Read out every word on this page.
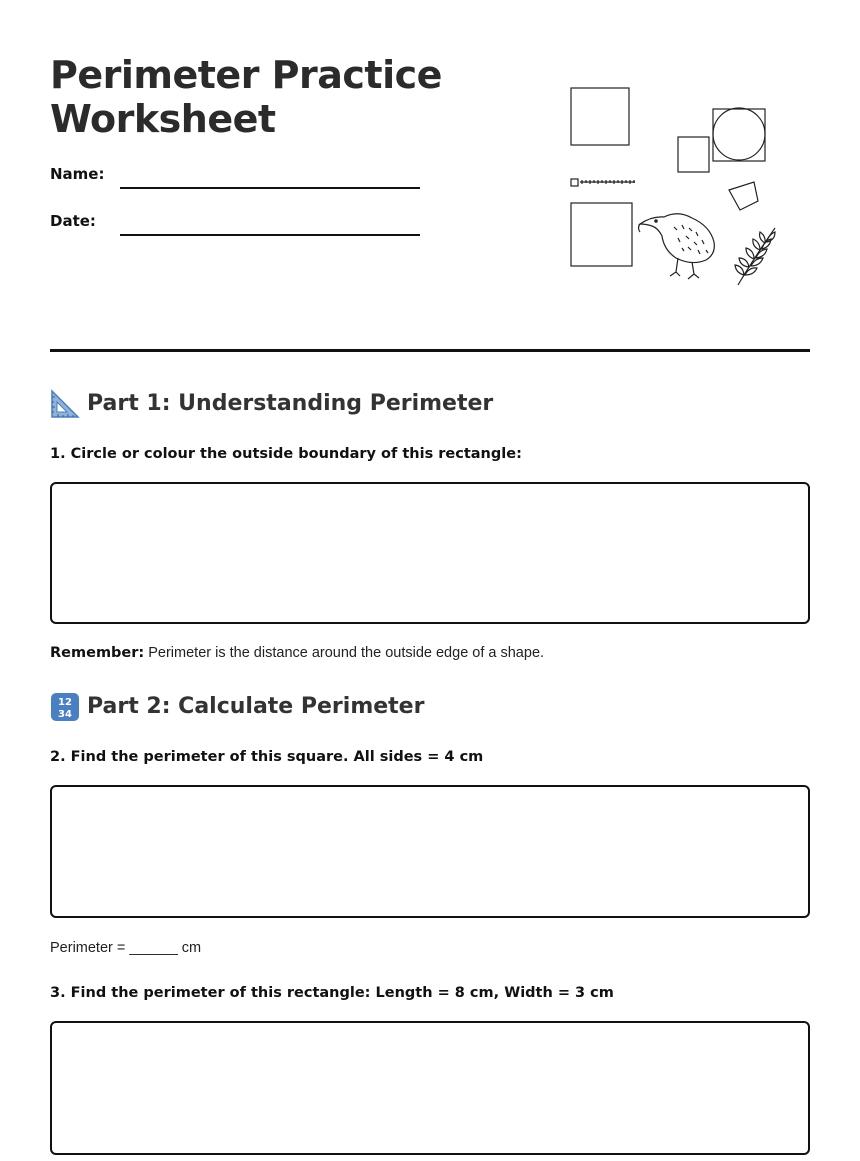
Perimeter Practice
Worksheet
Name:
Date:
Part 1: Understanding Perimeter

1. Circle or colour the outside boundary of this rectangle:

Remember: Perimeter is the distance around the outside edge of a shape.

12
34 Part 2: Calculate Perimeter

2. Find the perimeter of this square. All sides = 4 cm

Perimeter = ______ cm

3. Find the perimeter of this rectangle: Length = 8 cm, Width = 3 cm
